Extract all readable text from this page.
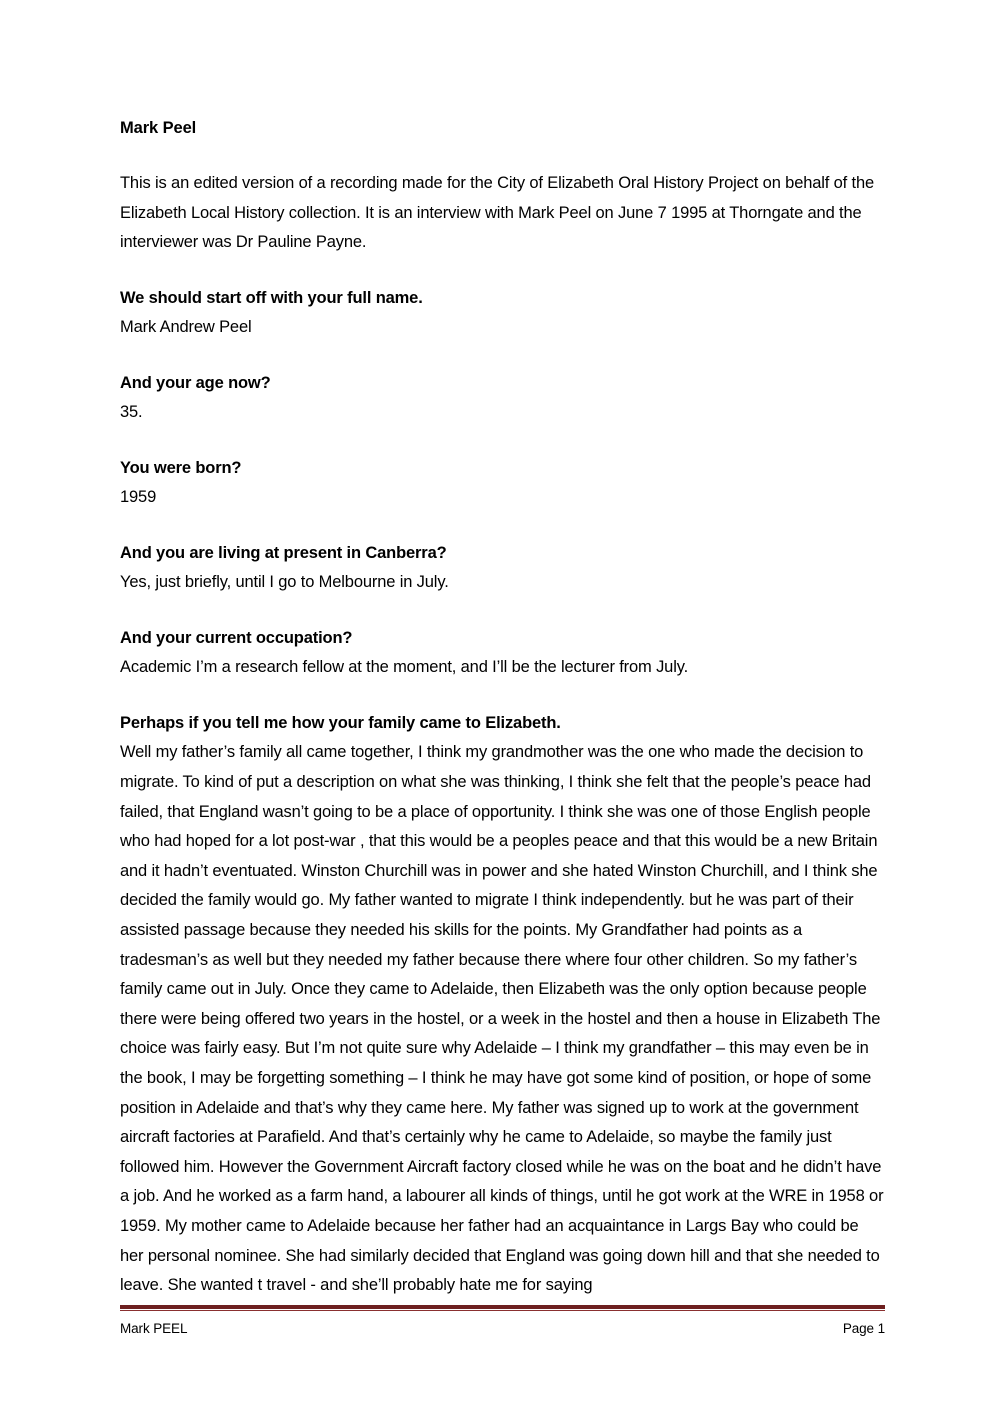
Mark Peel

This is an edited version of a recording made for the City of Elizabeth Oral History Project on behalf of the Elizabeth Local History collection. It is an interview with Mark Peel on June 7 1995 at Thorngate and the interviewer was Dr Pauline Payne.

We should start off with your full name.

Mark Andrew Peel

And your age now?

35.

You were born?

1959

And you are living at present in Canberra?

Yes, just briefly, until I go to Melbourne in July.

And your current occupation?

Academic I’m a research fellow at the moment, and I’ll be the lecturer from July.

Perhaps if you tell me how your family came to Elizabeth.

Well my father’s family all came together, I think my grandmother was the one who made the decision to migrate. To kind of put a description on what she was thinking, I think she felt that the people’s peace had failed, that England wasn’t going to be a place of opportunity. I think she was one of those English people who had hoped for a lot post-war , that this would be a peoples peace and that this would be a new Britain and it hadn’t eventuated. Winston Churchill was in power and she hated Winston Churchill, and I think she decided the family would go. My father wanted to migrate I think independently. but he was part of their assisted passage because they needed his skills for the points. My Grandfather had points as a tradesman’s as well but they needed my father because there where four other children. So my father’s family came out in July. Once they came to Adelaide, then Elizabeth was the only option because people there were being offered two years in the hostel, or a week in the hostel and then a house in Elizabeth The choice was fairly easy. But I’m not quite sure why Adelaide – I think my grandfather – this may even be in the book, I may be forgetting something – I think he may have got some kind of position, or hope of some position in Adelaide and that’s why they came here. My father was signed up to work at the government aircraft factories at Parafield. And that’s certainly why he came to Adelaide, so maybe the family just followed him. However the Government Aircraft factory closed while he was on the boat and he didn’t have a job. And he worked as a farm hand, a labourer all kinds of things, until he got work at the WRE in 1958 or 1959. My mother came to Adelaide because her father had an acquaintance in Largs Bay who could be her personal nominee. She had similarly decided that England was going down hill and that she needed to leave. She wanted t travel - and she’ll probably hate me for saying

Mark PEEL	Page 1
